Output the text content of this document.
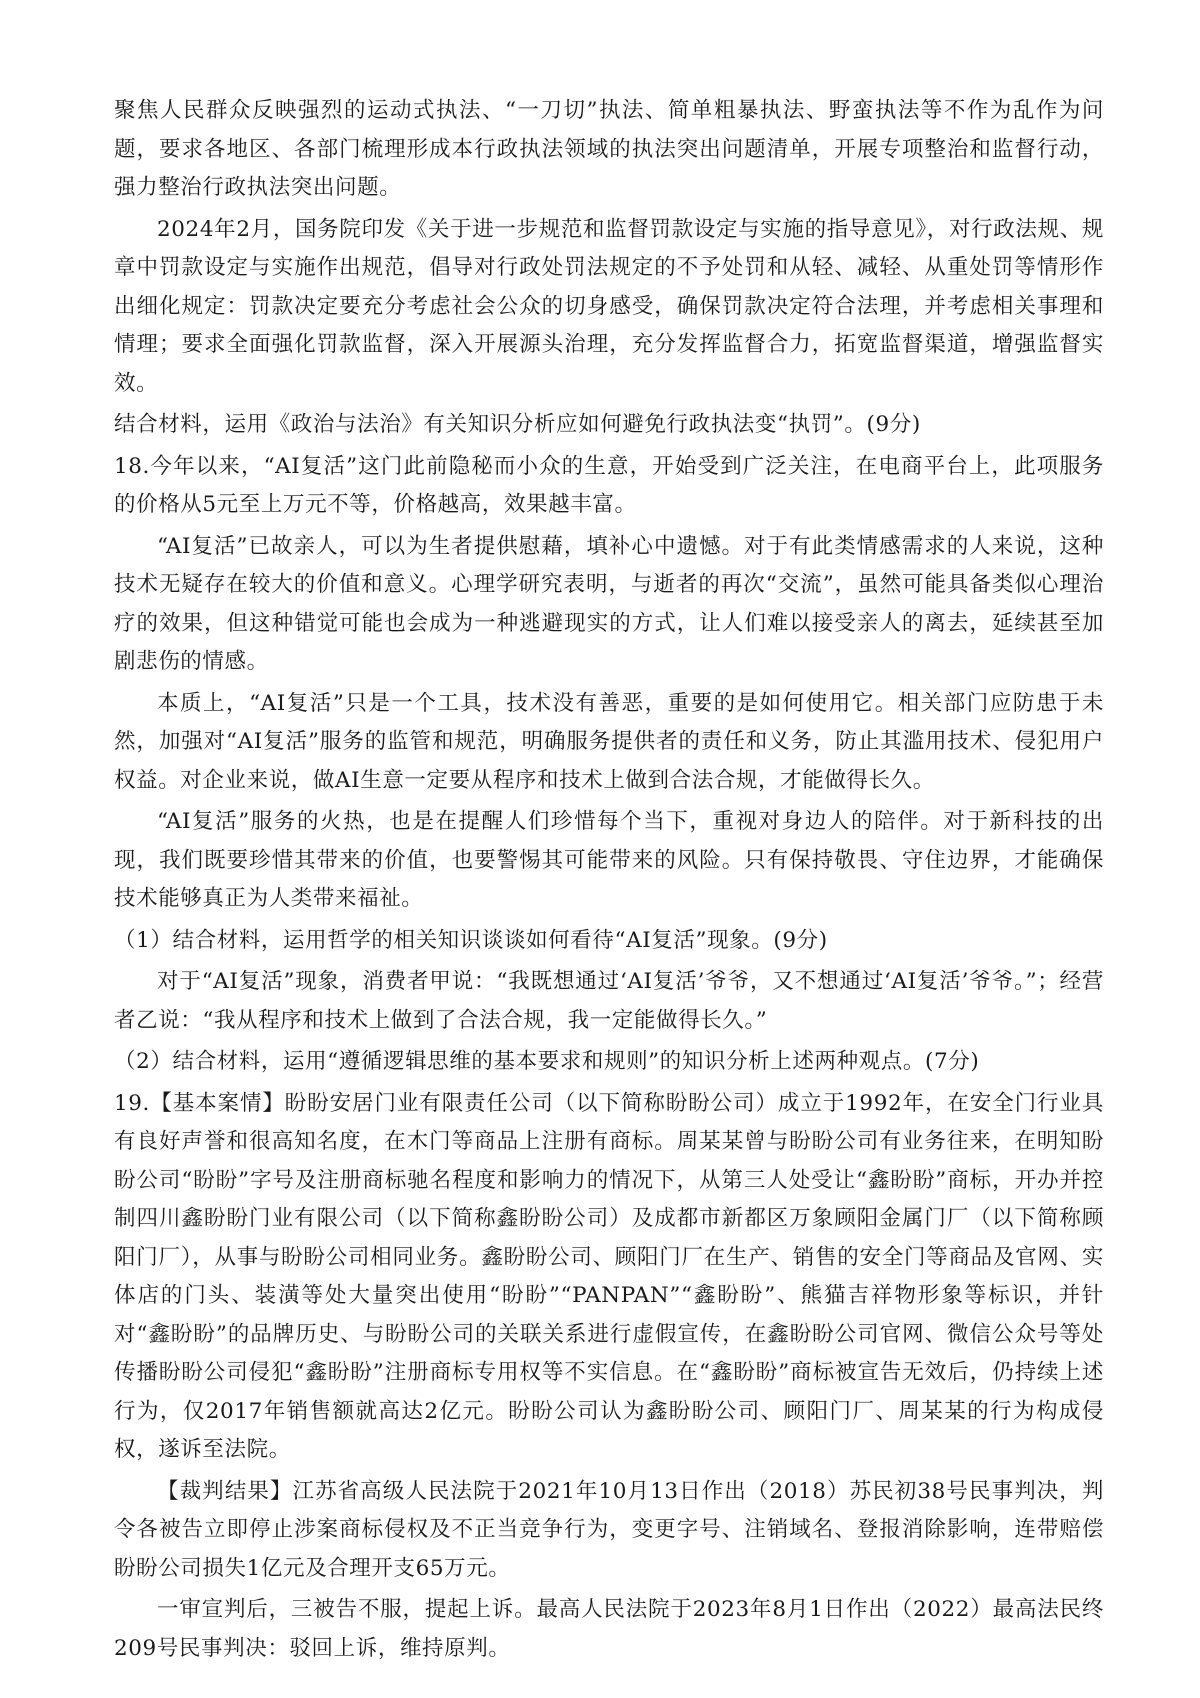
聚焦人民群众反映强烈的运动式执法、“一刀切”执法、简单粗暴执法、野蛮执法等不作为乱作为问题，要求各地区、各部门梳理形成本行政执法领域的执法突出问题清单，开展专项整治和监督行动，强力整治行政执法突出问题。

2024年2月，国务院印发《关于进一步规范和监督罚款设定与实施的指导意见》，对行政法规、规章中罚款设定与实施作出规范，倡导对行政处罚法规定的不予处罚和从轻、减轻、从重处罚等情形作出细化规定：罚款决定要充分考虑社会公众的切身感受，确保罚款决定符合法理，并考虑相关事理和情理；要求全面强化罚款监督，深入开展源头治理，充分发挥监督合力，拓宽监督渠道，增强监督实效。

结合材料，运用《政治与法治》有关知识分析应如何避免行政执法变“执罚”。(9分)

18.今年以来，“AI复活”这门此前隐秘而小众的生意，开始受到广泛关注，在电商平台上，此项服务的价格从5元至上万元不等，价格越高，效果越丰富。

“AI复活”已故亲人，可以为生者提供慰藉，填补心中遗憾。对于有此类情感需求的人来说，这种技术无疑存在较大的价值和意义。心理学研究表明，与逝者的再次“交流”，虽然可能具备类似心理治疗的效果，但这种错觉可能也会成为一种逃避现实的方式，让人们难以接受亲人的离去，延续甚至加剧悲伤的情感。

本质上，“AI复活”只是一个工具，技术没有善恶，重要的是如何使用它。相关部门应防患于未然，加强对“AI复活”服务的监管和规范，明确服务提供者的责任和义务，防止其滥用技术、侵犯用户权益。对企业来说，做AI生意一定要从程序和技术上做到合法合规，才能做得长久。

“AI复活”服务的火热，也是在提醒人们珍惜每个当下，重视对身边人的陪伴。对于新科技的出现，我们既要珍惜其带来的价值，也要警惕其可能带来的风险。只有保持敬畏、守住边界，才能确保技术能够真正为人类带来福祉。

（1）结合材料，运用哲学的相关知识谈谈如何看待“AI复活”现象。(9分)

对于“AI复活”现象，消费者甲说：“我既想通过‘AI复活’爷爷，又不想通过‘AI复活’爷爷。”；经营者乙说：“我从程序和技术上做到了合法合规，我一定能做得长久。”

（2）结合材料，运用“遵循逻辑思维的基本要求和规则”的知识分析上述两种观点。(7分)

19.【基本案情】盼盼安居门业有限责任公司（以下简称盼盼公司）成立于1992年，在安全门行业具有良好声誉和很高知名度，在木门等商品上注册有商标。周某某曾与盼盼公司有业务往来，在明知盼盼公司“盼盼”字号及注册商标驰名程度和影响力的情况下，从第三人处受让“鑫盼盼”商标，开办并控制四川鑫盼盼门业有限公司（以下简称鑫盼盼公司）及成都市新都区万象顾阳金属门厂（以下简称顾阳门厂），从事与盼盼公司相同业务。鑫盼盼公司、顾阳门厂在生产、销售的安全门等商品及官网、实体店的门头、装潢等处大量突出使用“盼盼”“PANPAN”“鑫盼盼”、熊猫吉祥物形象等标识，并针对“鑫盼盼”的品牌历史、与盼盼公司的关联关系进行虚假宣传，在鑫盼盼公司官网、微信公众号等处传播盼盼公司侵犯“鑫盼盼”注册商标专用权等不实信息。在“鑫盼盼”商标被宣告无效后，仍持续上述行为，仅2017年销售额就高达2亿元。盼盼公司认为鑫盼盼公司、顾阳门厂、周某某的行为构成侵权，遂诉至法院。

【裁判结果】江苏省高级人民法院于2021年10月13日作出（2018）苏民初38号民事判决，判令各被告立即停止涉案商标侵权及不正当竞争行为，变更字号、注销域名、登报消除影响，连带赔偿盼盼公司损失1亿元及合理开支65万元。

一审宣判后，三被告不服，提起上诉。最高人民法院于2023年8月1日作出（2022）最高法民终209号民事判决：驳回上诉，维持原判。
